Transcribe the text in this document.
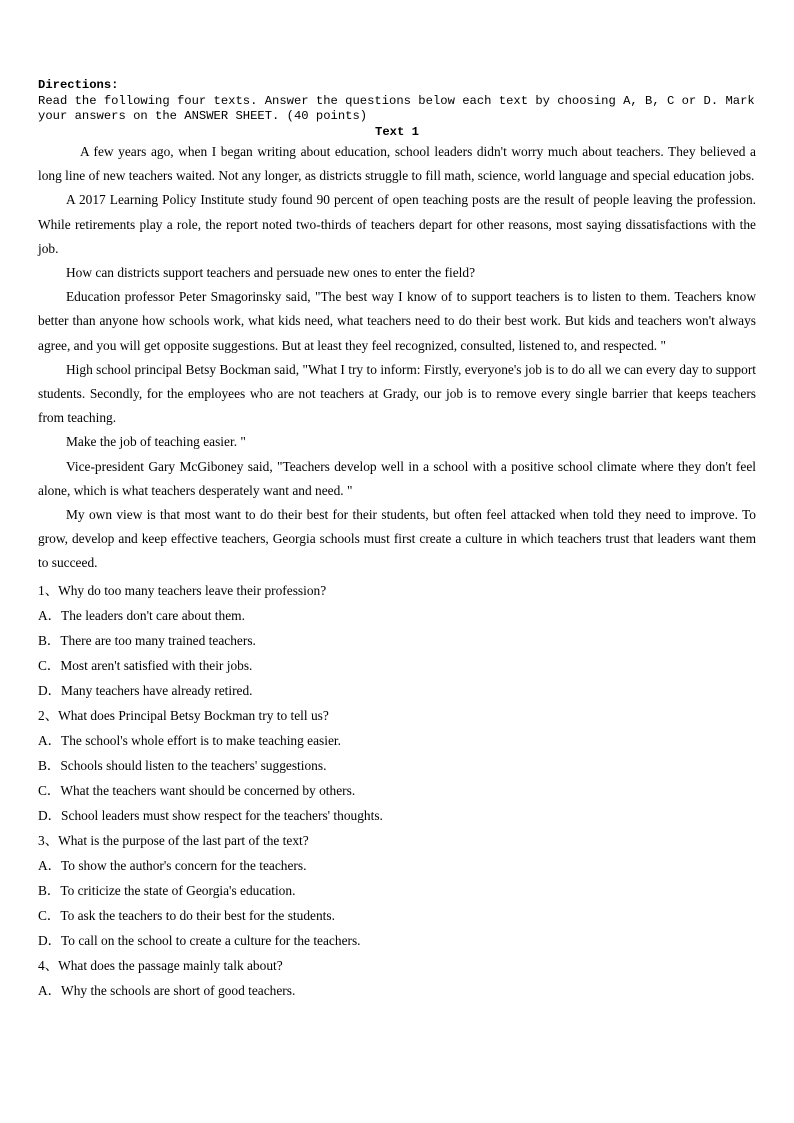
Directions:
Read the following four texts. Answer the questions below each text by choosing A, B, C or D. Mark
your answers on the ANSWER SHEET. (40 points)
Text 1

A few years ago, when I began writing about education, school leaders didn't worry much about teachers. They believed a long line of new teachers waited. Not any longer, as districts struggle to fill math, science, world language and special education jobs.

A 2017 Learning Policy Institute study found 90 percent of open teaching posts are the result of people leaving the profession. While retirements play a role, the report noted two-thirds of teachers depart for other reasons, most saying dissatisfactions with the job.

How can districts support teachers and persuade new ones to enter the field?

Education professor Peter Smagorinsky said, "The best way I know of to support teachers is to listen to them. Teachers know better than anyone how schools work, what kids need, what teachers need to do their best work. But kids and teachers won't always agree, and you will get opposite suggestions. But at least they feel recognized, consulted, listened to, and respected. "

High school principal Betsy Bockman said, "What I try to inform: Firstly, everyone's job is to do all we can every day to support students. Secondly, for the employees who are not teachers at Grady, our job is to remove every single barrier that keeps teachers from teaching.

Make the job of teaching easier. "

Vice-president Gary McGiboney said, "Teachers develop well in a school with a positive school climate where they don't feel alone, which is what teachers desperately want and need. "

My own view is that most want to do their best for their students, but often feel attacked when told they need to improve. To grow, develop and keep effective teachers, Georgia schools must first create a culture in which teachers trust that leaders want them to succeed.

1、Why do too many teachers leave their profession?

A．The leaders don't care about them.

B．There are too many trained teachers.

C．Most aren't satisfied with their jobs.

D．Many teachers have already retired.

2、What does Principal Betsy Bockman try to tell us?

A．The school's whole effort is to make teaching easier.

B．Schools should listen to the teachers' suggestions.

C．What the teachers want should be concerned by others.

D．School leaders must show respect for the teachers' thoughts.

3、What is the purpose of the last part of the text?

A．To show the author's concern for the teachers.

B．To criticize the state of Georgia's education.

C．To ask the teachers to do their best for the students.

D．To call on the school to create a culture for the teachers.

4、What does the passage mainly talk about?

A．Why the schools are short of good teachers.
